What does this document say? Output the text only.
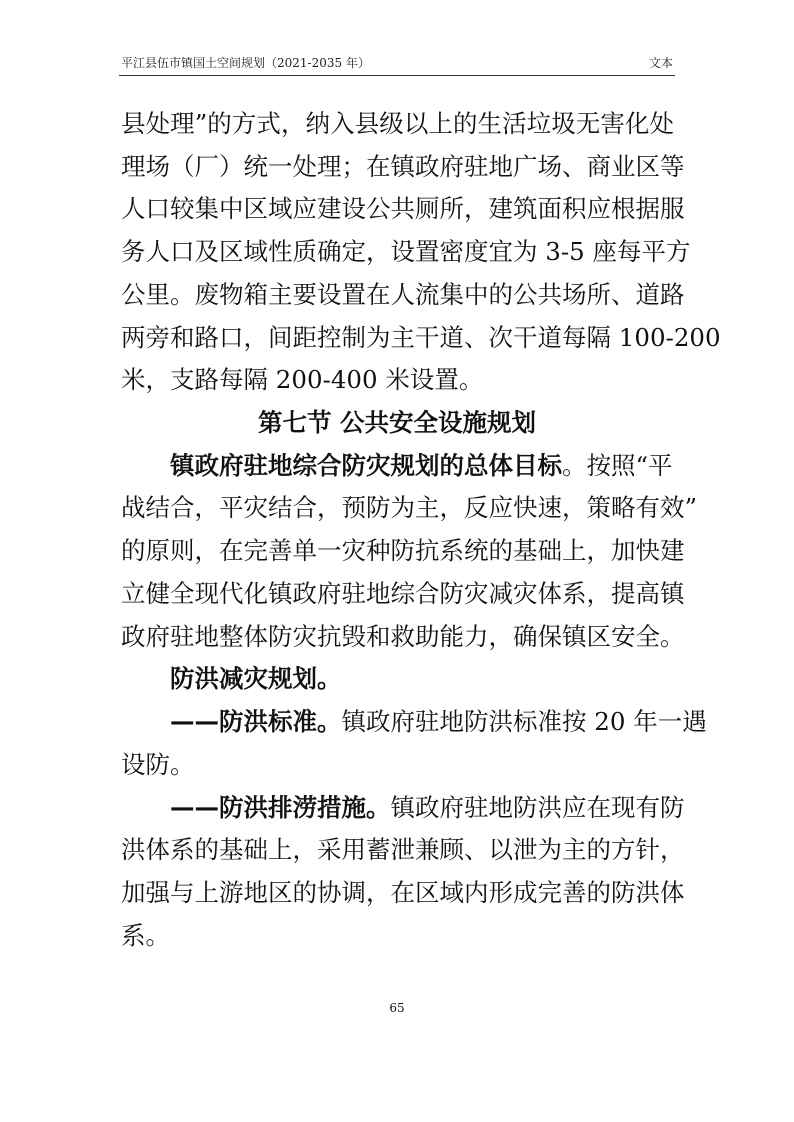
平江县伍市镇国土空间规划（2021-2035 年）	文本
县处理”的方式，纳入县级以上的生活垃圾无害化处
理场（厂）统一处理；在镇政府驻地广场、商业区等
人口较集中区域应建设公共厕所，建筑面积应根据服
务人口及区域性质确定，设置密度宜为 3-5 座每平方
公里。废物箱主要设置在人流集中的公共场所、道路
两旁和路口，间距控制为主干道、次干道每隔 100-200
米，支路每隔 200-400 米设置。
第七节 公共安全设施规划
镇政府驻地综合防灾规划的总体目标。按照“平
战结合，平灾结合，预防为主，反应快速，策略有效”
的原则，在完善单一灾种防抗系统的基础上，加快建
立健全现代化镇政府驻地综合防灾减灾体系，提高镇
政府驻地整体防灾抗毁和救助能力，确保镇区安全。
防洪减灾规划。
——防洪标准。镇政府驻地防洪标准按 20 年一遇
设防。
——防洪排涝措施。镇政府驻地防洪应在现有防
洪体系的基础上，采用蓄泄兼顾、以泄为主的方针，
65
加强与上游地区的协调，在区域内形成完善的防洪体
系。
